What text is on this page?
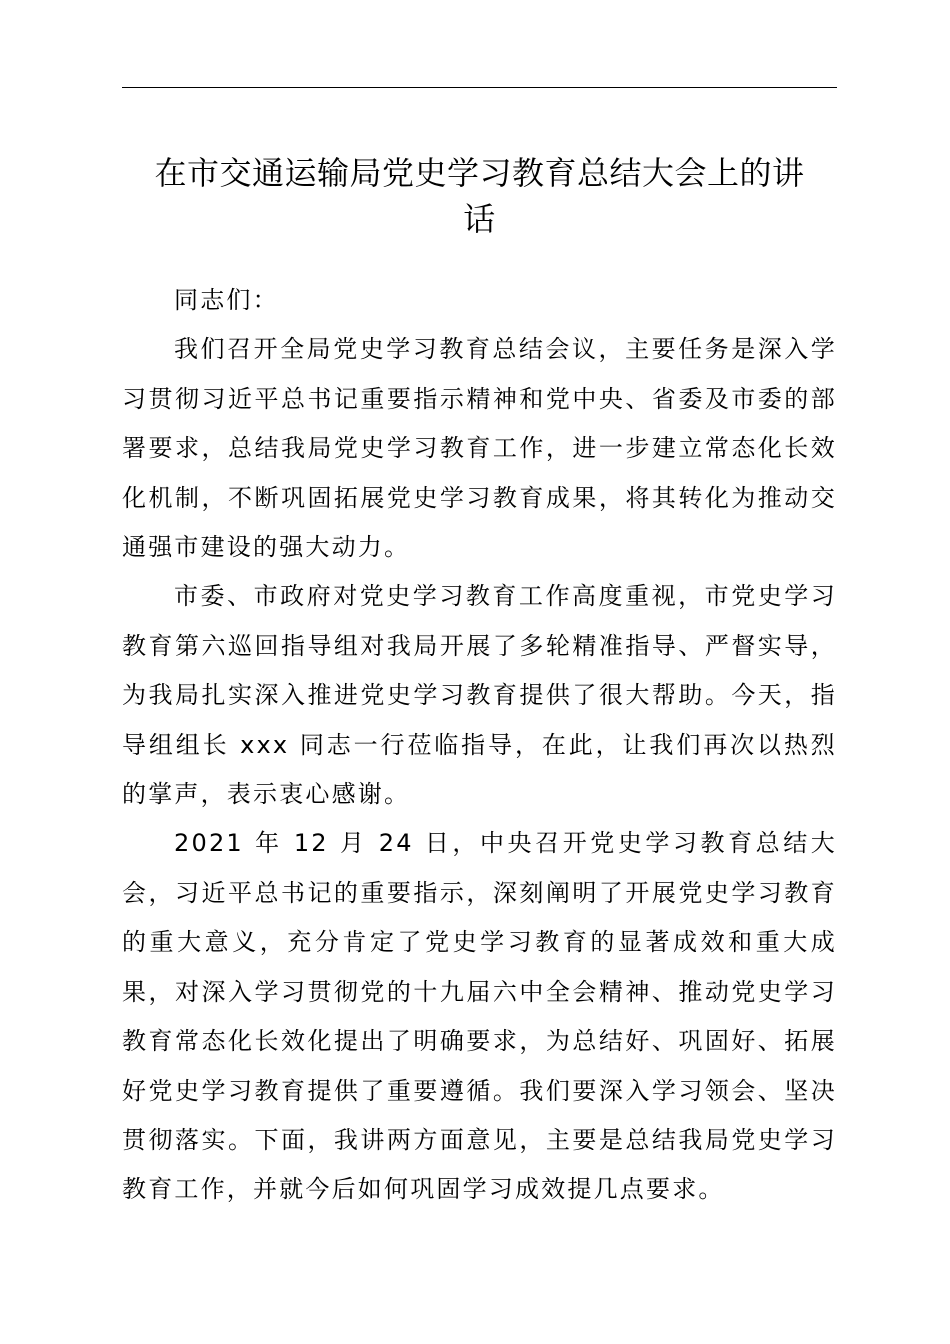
在市交通运输局党史学习教育总结大会上的讲
话

同志们：

我们召开全局党史学习教育总结会议，主要任务是深入学习贯彻习近平总书记重要指示精神和党中央、省委及市委的部署要求，总结我局党史学习教育工作，进一步建立常态化长效化机制，不断巩固拓展党史学习教育成果，将其转化为推动交通强市建设的强大动力。

市委、市政府对党史学习教育工作高度重视，市党史学习教育第六巡回指导组对我局开展了多轮精准指导、严督实导，为我局扎实深入推进党史学习教育提供了很大帮助。今天，指导组组长 xxx 同志一行莅临指导，在此，让我们再次以热烈的掌声，表示衷心感谢。

2021 年 12 月 24 日，中央召开党史学习教育总结大会，习近平总书记的重要指示，深刻阐明了开展党史学习教育的重大意义，充分肯定了党史学习教育的显著成效和重大成果，对深入学习贯彻党的十九届六中全会精神、推动党史学习教育常态化长效化提出了明确要求，为总结好、巩固好、拓展好党史学习教育提供了重要遵循。我们要深入学习领会、坚决贯彻落实。下面，我讲两方面意见，主要是总结我局党史学习教育工作，并就今后如何巩固学习成效提几点要求。
